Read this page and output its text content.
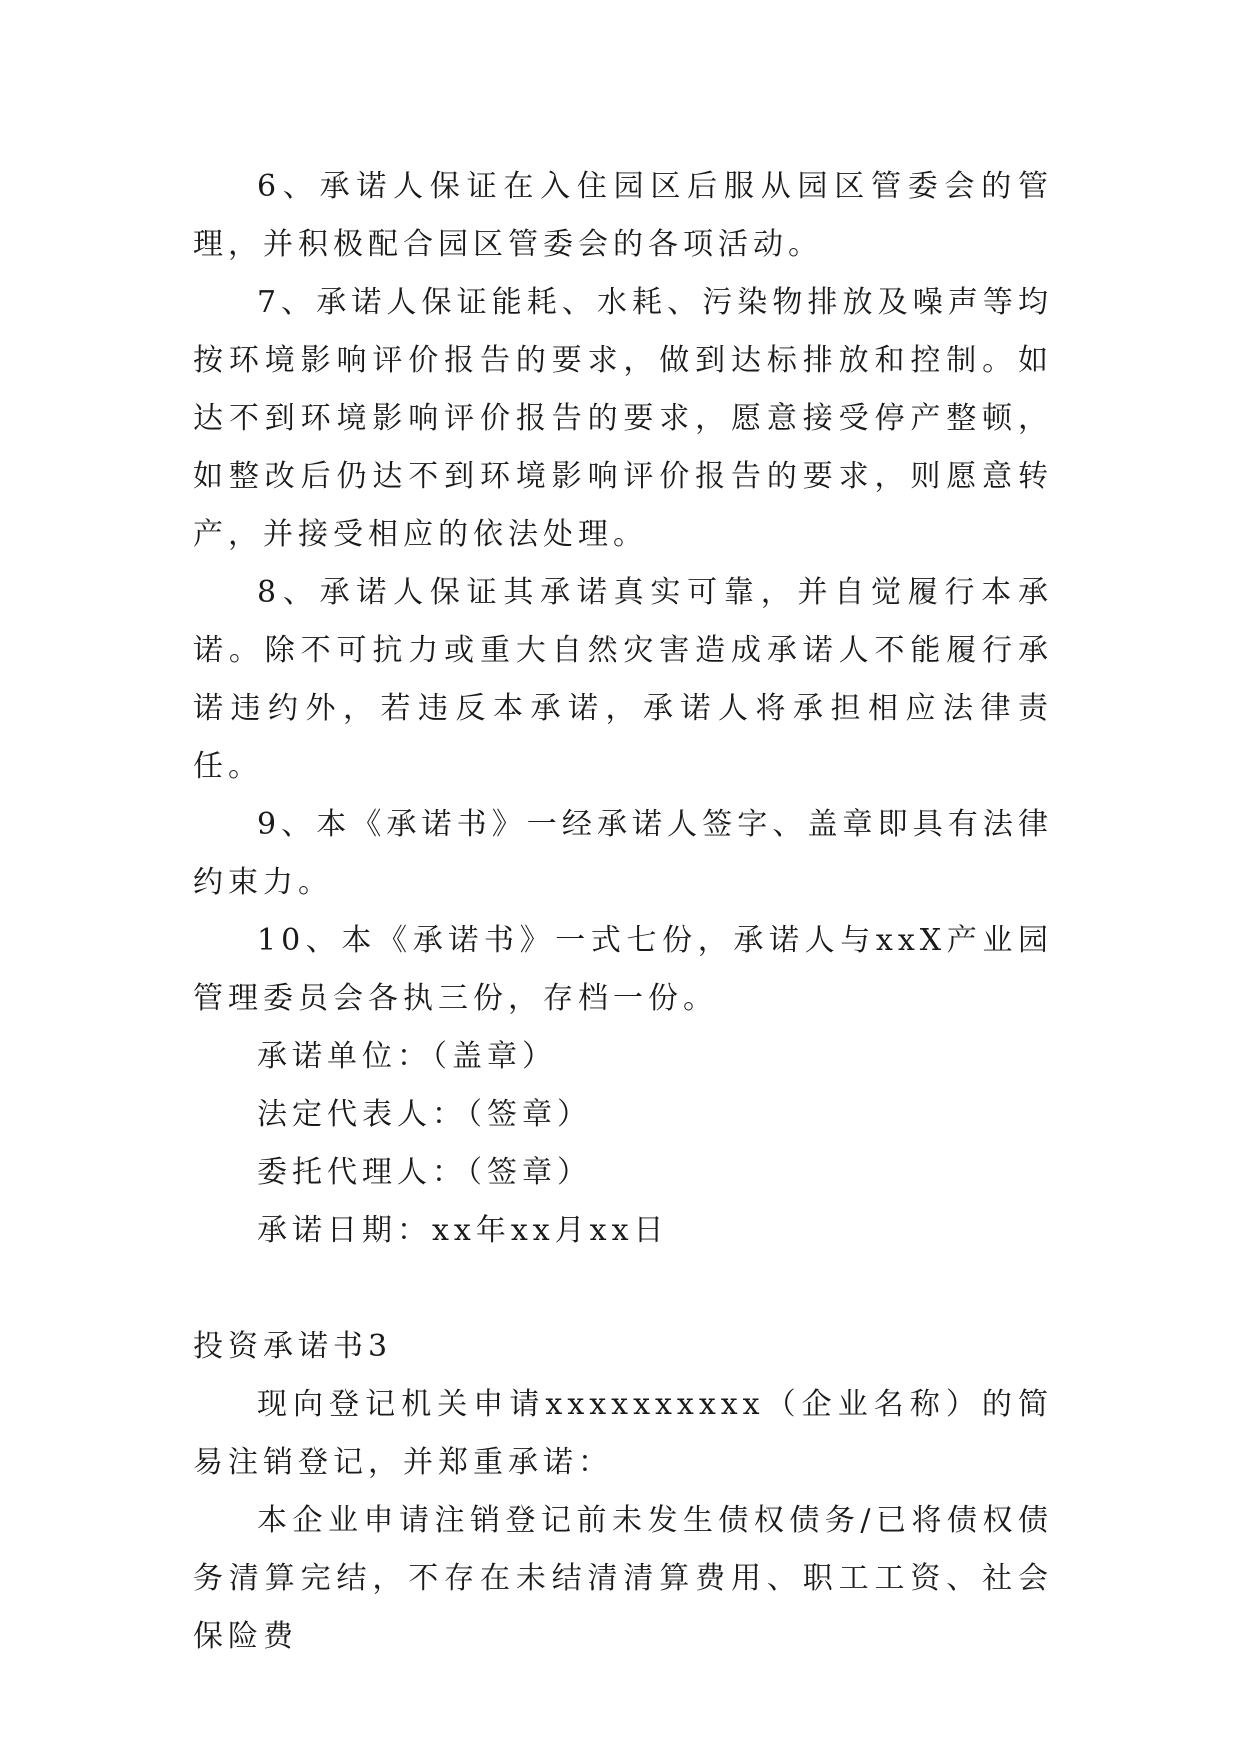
6、承诺人保证在入住园区后服从园区管委会的管理，并积极配合园区管委会的各项活动。

7、承诺人保证能耗、水耗、污染物排放及噪声等均按环境影响评价报告的要求，做到达标排放和控制。如达不到环境影响评价报告的要求，愿意接受停产整顿，如整改后仍达不到环境影响评价报告的要求，则愿意转产，并接受相应的依法处理。

8、承诺人保证其承诺真实可靠，并自觉履行本承诺。除不可抗力或重大自然灾害造成承诺人不能履行承诺违约外，若违反本承诺，承诺人将承担相应法律责任。

9、本《承诺书》一经承诺人签字、盖章即具有法律约束力。

10、本《承诺书》一式七份，承诺人与xxX产业园管理委员会各执三份，存档一份。

承诺单位：（盖章）

法定代表人：（签章）

委托代理人：（签章）

承诺日期：xx年xx月xx日

投资承诺书3

现向登记机关申请xxxxxxxxxx（企业名称）的简易注销登记，并郑重承诺：

本企业申请注销登记前未发生债权债务/已将债权债务清算完结，不存在未结清清算费用、职工工资、社会保险费
